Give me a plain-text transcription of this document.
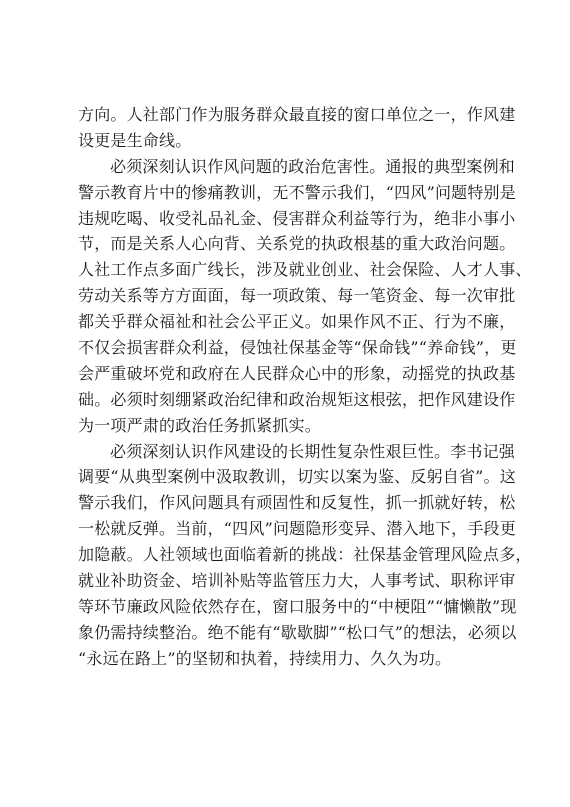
方向。人社部门作为服务群众最直接的窗口单位之一，作风建
设更是生命线。
必须深刻认识作风问题的政治危害性。通报的典型案例和
警示教育片中的惨痛教训，无不警示我们，“四风”问题特别是
违规吃喝、收受礼品礼金、侵害群众利益等行为，绝非小事小
节，而是关系人心向背、关系党的执政根基的重大政治问题。
人社工作点多面广线长，涉及就业创业、社会保险、人才人事、
劳动关系等方方面面，每一项政策、每一笔资金、每一次审批
都关乎群众福祉和社会公平正义。如果作风不正、行为不廉，
不仅会损害群众利益，侵蚀社保基金等“保命钱”“养命钱”，更
会严重破坏党和政府在人民群众心中的形象，动摇党的执政基
础。必须时刻绷紧政治纪律和政治规矩这根弦，把作风建设作
为一项严肃的政治任务抓紧抓实。
必须深刻认识作风建设的长期性复杂性艰巨性。李书记强
调要“从典型案例中汲取教训，切实以案为鉴、反躬自省”。这
警示我们，作风问题具有顽固性和反复性，抓一抓就好转，松
一松就反弹。当前，“四风”问题隐形变异、潜入地下，手段更
加隐蔽。人社领域也面临着新的挑战：社保基金管理风险点多，
就业补助资金、培训补贴等监管压力大，人事考试、职称评审
等环节廉政风险依然存在，窗口服务中的“中梗阻”“慵懒散”现
象仍需持续整治。绝不能有“歇歇脚”“松口气”的想法，必须以
“永远在路上”的坚韧和执着，持续用力、久久为功。
